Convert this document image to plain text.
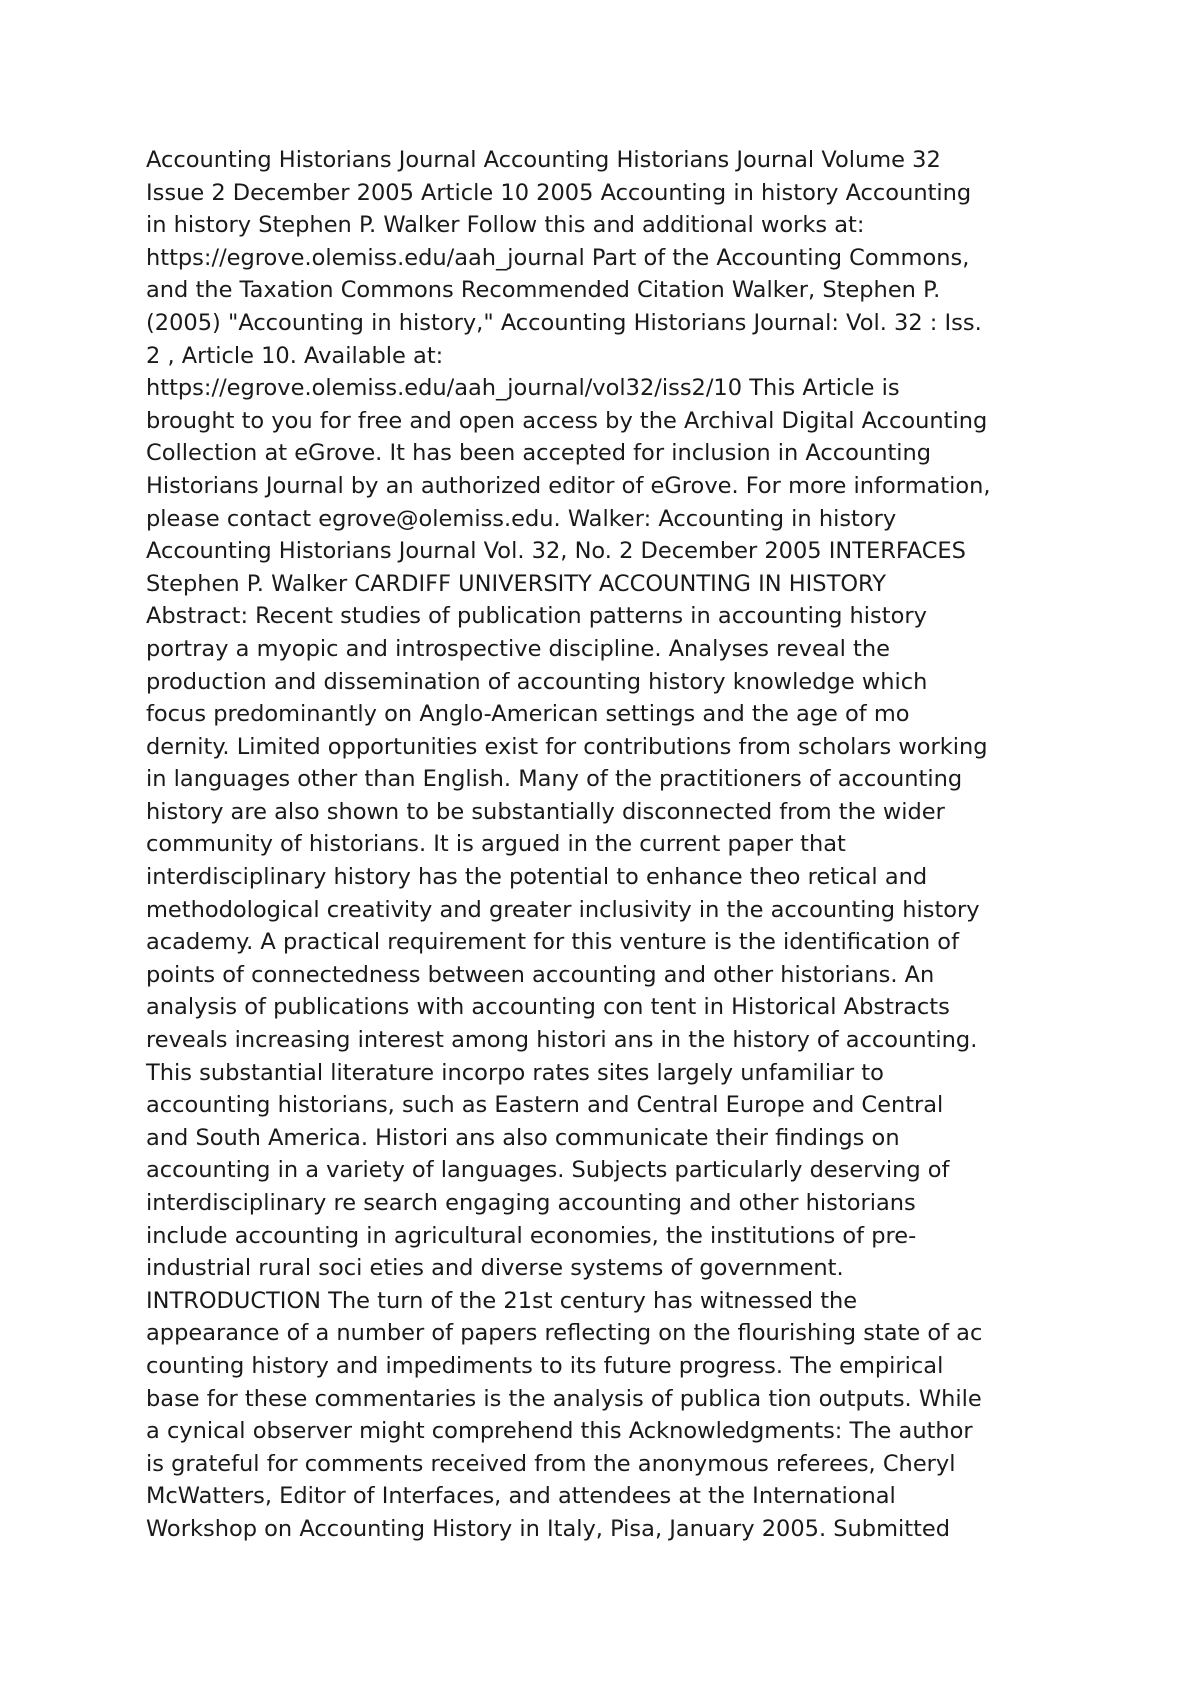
Accounting Historians Journal Accounting Historians Journal Volume 32
Issue 2 December 2005 Article 10 2005 Accounting in history Accounting
in history Stephen P. Walker Follow this and additional works at:
https://egrove.olemiss.edu/aah_journal Part of the Accounting Commons,
and the Taxation Commons Recommended Citation Walker, Stephen P.
(2005) "Accounting in history," Accounting Historians Journal: Vol. 32 : Iss.
2 , Article 10. Available at:
https://egrove.olemiss.edu/aah_journal/vol32/iss2/10 This Article is
brought to you for free and open access by the Archival Digital Accounting
Collection at eGrove. It has been accepted for inclusion in Accounting
Historians Journal by an authorized editor of eGrove. For more information,
please contact egrove@olemiss.edu. Walker: Accounting in history
Accounting Historians Journal Vol. 32, No. 2 December 2005 INTERFACES
Stephen P. Walker CARDIFF UNIVERSITY ACCOUNTING IN HISTORY
Abstract: Recent studies of publication patterns in accounting history
portray a myopic and introspective discipline. Analyses reveal the
production and dissemination of accounting history knowledge which
focus predominantly on Anglo-American settings and the age of mo
dernity. Limited opportunities exist for contributions from scholars working
in languages other than English. Many of the practitioners of accounting
history are also shown to be substantially disconnected from the wider
community of historians. It is argued in the current paper that
interdisciplinary history has the potential to enhance theo retical and
methodological creativity and greater inclusivity in the accounting history
academy. A practical requirement for this venture is the identification of
points of connectedness between accounting and other historians. An
analysis of publications with accounting con tent in Historical Abstracts
reveals increasing interest among histori ans in the history of accounting.
This substantial literature incorpo rates sites largely unfamiliar to
accounting historians, such as Eastern and Central Europe and Central
and South America. Histori ans also communicate their findings on
accounting in a variety of languages. Subjects particularly deserving of
interdisciplinary re search engaging accounting and other historians
include accounting in agricultural economies, the institutions of pre-
industrial rural soci eties and diverse systems of government.
INTRODUCTION The turn of the 21st century has witnessed the
appearance of a number of papers reflecting on the flourishing state of ac
counting history and impediments to its future progress. The empirical
base for these commentaries is the analysis of publica tion outputs. While
a cynical observer might comprehend this Acknowledgments: The author
is grateful for comments received from the anonymous referees, Cheryl
McWatters, Editor of Interfaces, and attendees at the International
Workshop on Accounting History in Italy, Pisa, January 2005. Submitted
